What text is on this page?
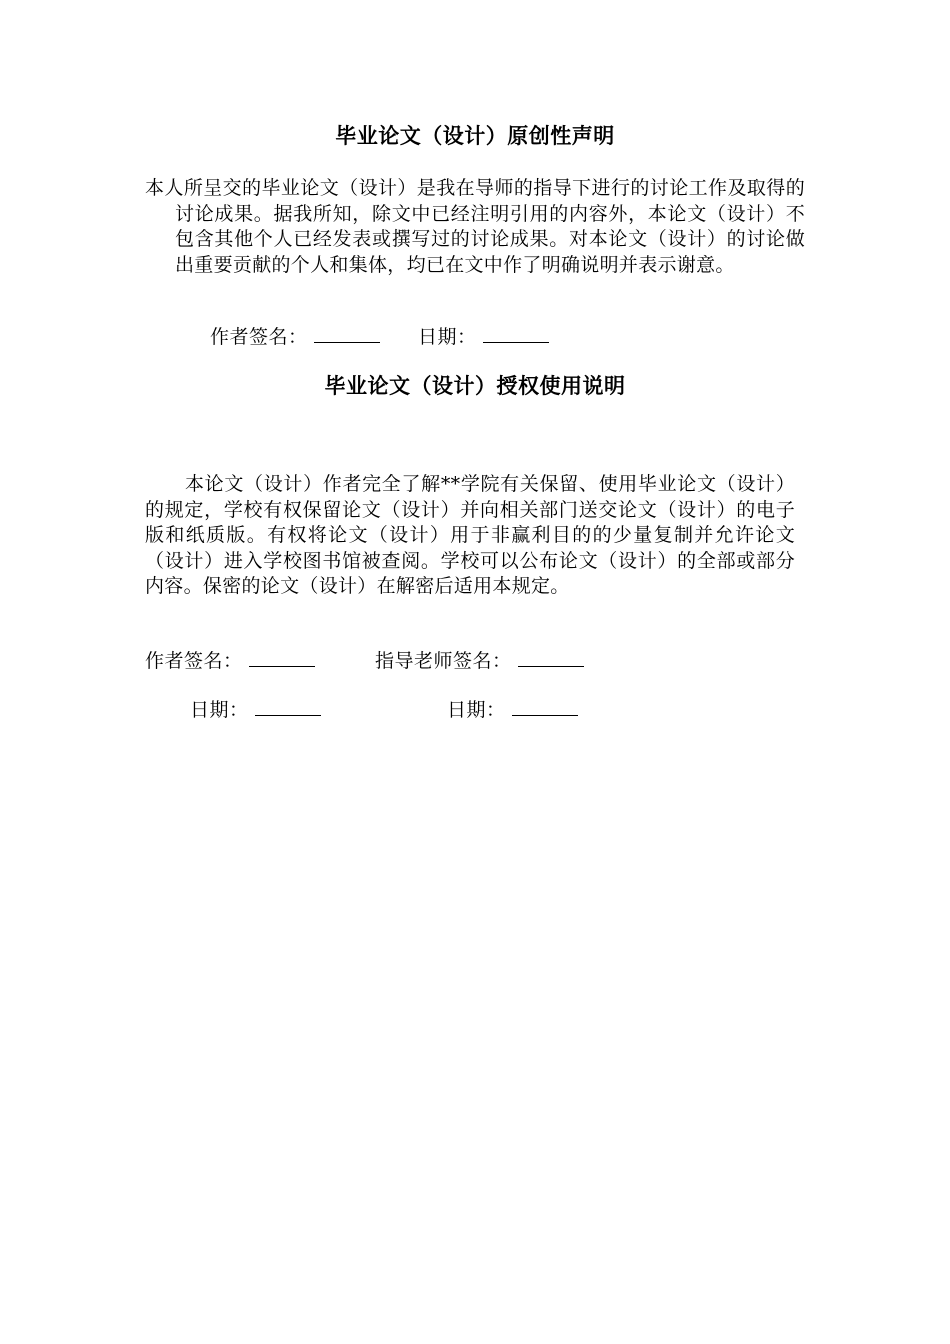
毕业论文（设计）原创性声明

本人所呈交的毕业论文（设计）是我在导师的指导下进行的讨论工作及取得的讨论成果。据我所知，除文中已经注明引用的内容外，本论文（设计）不包含其他个人已经发表或撰写过的讨论成果。对本论文（设计）的讨论做出重要贡献的个人和集体，均已在文中作了明确说明并表示谢意。

作者签名：	日期：
毕业论文（设计）授权使用说明

本论文（设计）作者完全了解**学院有关保留、使用毕业论文（设计）的规定，学校有权保留论文（设计）并向相关部门送交论文（设计）的电子版和纸质版。有权将论文（设计）用于非赢利目的的少量复制并允许论文（设计）进入学校图书馆被查阅。学校可以公布论文（设计）的全部或部分内容。保密的论文（设计）在解密后适用本规定。

作者签名：	指导老师签名：
日期：	日期：
